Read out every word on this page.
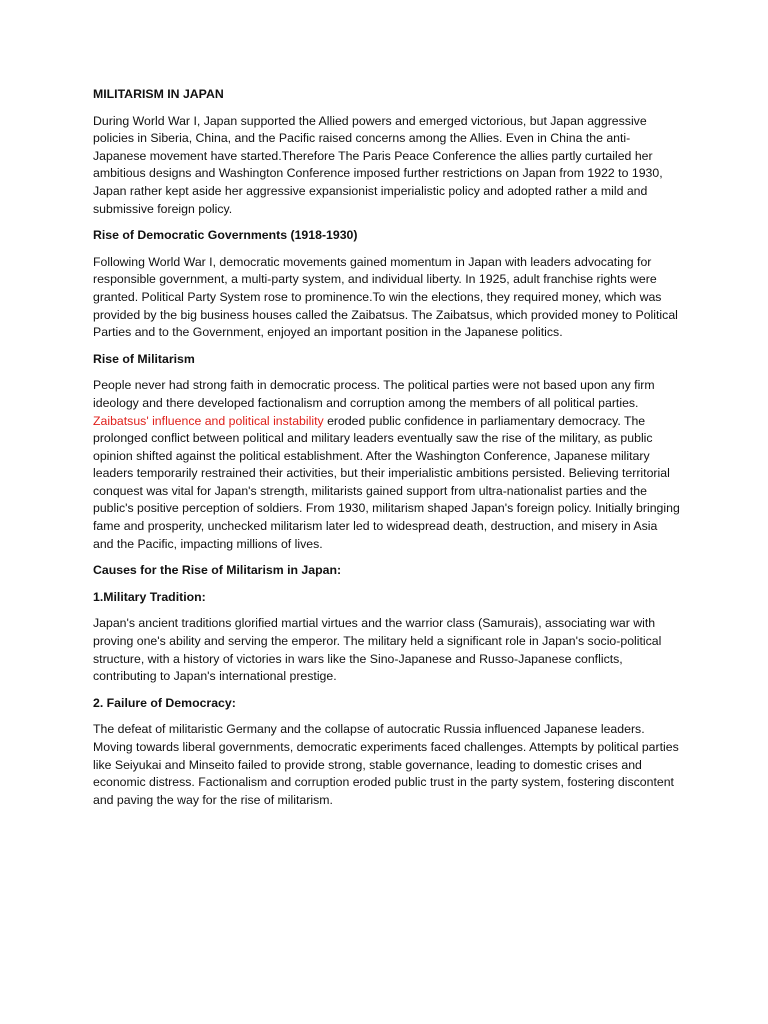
MILITARISM IN JAPAN

During World War I, Japan supported the Allied powers and emerged victorious, but Japan aggressive policies in Siberia, China, and the Pacific raised concerns among the Allies. Even in China the anti-Japanese movement have started.Therefore The Paris Peace Conference the allies partly curtailed her ambitious designs and Washington Conference imposed further restrictions on Japan from 1922 to 1930, Japan rather kept aside her aggressive expansionist imperialistic policy and adopted rather a mild and submissive foreign policy.

Rise of Democratic Governments (1918-1930)

Following World War I, democratic movements gained momentum in Japan with leaders advocating for responsible government, a multi-party system, and individual liberty. In 1925, adult franchise rights were granted. Political Party System rose to prominence.To win the elections, they required money, which was provided by the big business houses called the Zaibatsus. The Zaibatsus, which provided money to Political Parties and to the Government, enjoyed an important position in the Japanese politics.

Rise of Militarism

People never had strong faith in democratic process. The political parties were not based upon any firm ideology and there developed factionalism and corruption among the members of all political parties. Zaibatsus' influence and political instability eroded public confidence in parliamentary democracy. The prolonged conflict between political and military leaders eventually saw the rise of the military, as public opinion shifted against the political establishment. After the Washington Conference, Japanese military leaders temporarily restrained their activities, but their imperialistic ambitions persisted. Believing territorial conquest was vital for Japan's strength, militarists gained support from ultra-nationalist parties and the public's positive perception of soldiers. From 1930, militarism shaped Japan's foreign policy. Initially bringing fame and prosperity, unchecked militarism later led to widespread death, destruction, and misery in Asia and the Pacific, impacting millions of lives.

Causes for the Rise of Militarism in Japan:
1.Military Tradition:

Japan's ancient traditions glorified martial virtues and the warrior class (Samurais), associating war with proving one's ability and serving the emperor. The military held a significant role in Japan's socio-political structure, with a history of victories in wars like the Sino-Japanese and Russo-Japanese conflicts, contributing to Japan's international prestige.

2. Failure of Democracy:

The defeat of militaristic Germany and the collapse of autocratic Russia influenced Japanese leaders. Moving towards liberal governments, democratic experiments faced challenges. Attempts by political parties like Seiyukai and Minseito failed to provide strong, stable governance, leading to domestic crises and economic distress. Factionalism and corruption eroded public trust in the party system, fostering discontent and paving the way for the rise of militarism.
